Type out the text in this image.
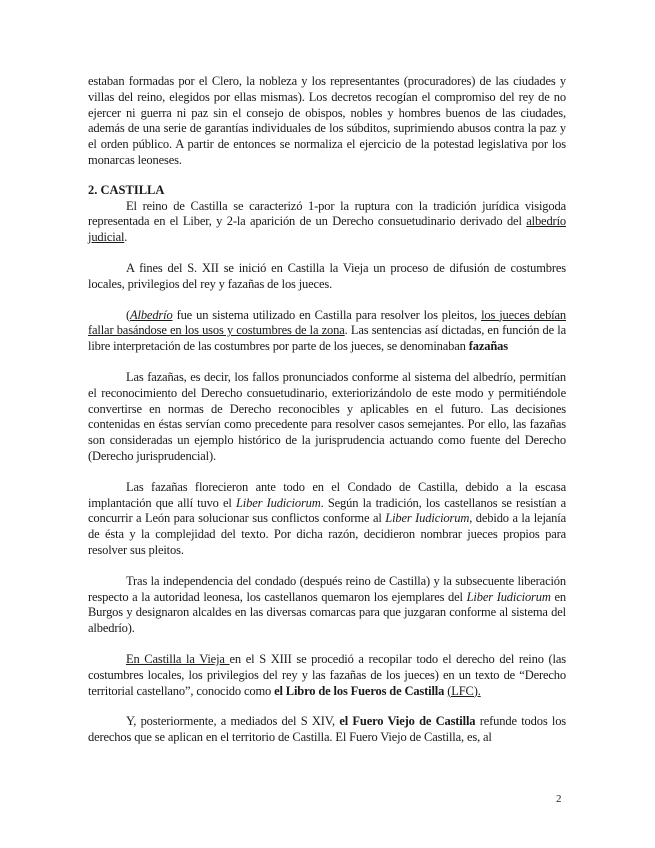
estaban formadas por el Clero, la nobleza y los representantes (procuradores) de las ciudades y villas del reino, elegidos por ellas mismas). Los decretos recogían el compromiso del rey de no ejercer ni guerra ni paz sin el consejo de obispos, nobles y hombres buenos de las ciudades, además de una serie de garantías individuales de los súbditos, suprimiendo abusos contra la paz y el orden público. A partir de entonces se normaliza el ejercicio de la potestad legislativa por los monarcas leoneses.

2. CASTILLA

El reino de Castilla se caracterizó 1-por la ruptura con la tradición jurídica visigoda representada en el Liber, y 2-la aparición de un Derecho consuetudinario derivado del albedrío judicial.

A fines del S. XII se inició en Castilla la Vieja un proceso de difusión de costumbres locales, privilegios del rey y fazañas de los jueces.

(Albedrío fue un sistema utilizado en Castilla para resolver los pleitos, los jueces debían fallar basándose en los usos y costumbres de la zona. Las sentencias así dictadas, en función de la libre interpretación de las costumbres por parte de los jueces, se denominaban fazañas

Las fazañas, es decir, los fallos pronunciados conforme al sistema del albedrío, permitían el reconocimiento del Derecho consuetudinario, exteriorizándolo de este modo y permitiéndole convertirse en normas de Derecho reconocibles y aplicables en el futuro. Las decisiones contenidas en éstas servían como precedente para resolver casos semejantes. Por ello, las fazañas son consideradas un ejemplo histórico de la jurisprudencia actuando como fuente del Derecho (Derecho jurisprudencial).

Las fazañas florecieron ante todo en el Condado de Castilla, debido a la escasa implantación que allí tuvo el Liber Iudiciorum. Según la tradición, los castellanos se resistían a concurrir a León para solucionar sus conflictos conforme al Liber Iudiciorum, debido a la lejanía de ésta y la complejidad del texto. Por dicha razón, decidieron nombrar jueces propios para resolver sus pleitos.

Tras la independencia del condado (después reino de Castilla) y la subsecuente liberación respecto a la autoridad leonesa, los castellanos quemaron los ejemplares del Liber Iudiciorum en Burgos y designaron alcaldes en las diversas comarcas para que juzgaran conforme al sistema del albedrío).

En Castilla la Vieja en el S XIII se procedió a recopilar todo el derecho del reino (las costumbres locales, los privilegios del rey y las fazañas de los jueces) en un texto de “Derecho territorial castellano”, conocido como el Libro de los Fueros de Castilla (LFC).

Y, posteriormente, a mediados del S XIV, el Fuero Viejo de Castilla refunde todos los derechos que se aplican en el territorio de Castilla. El Fuero Viejo de Castilla, es, al

2
